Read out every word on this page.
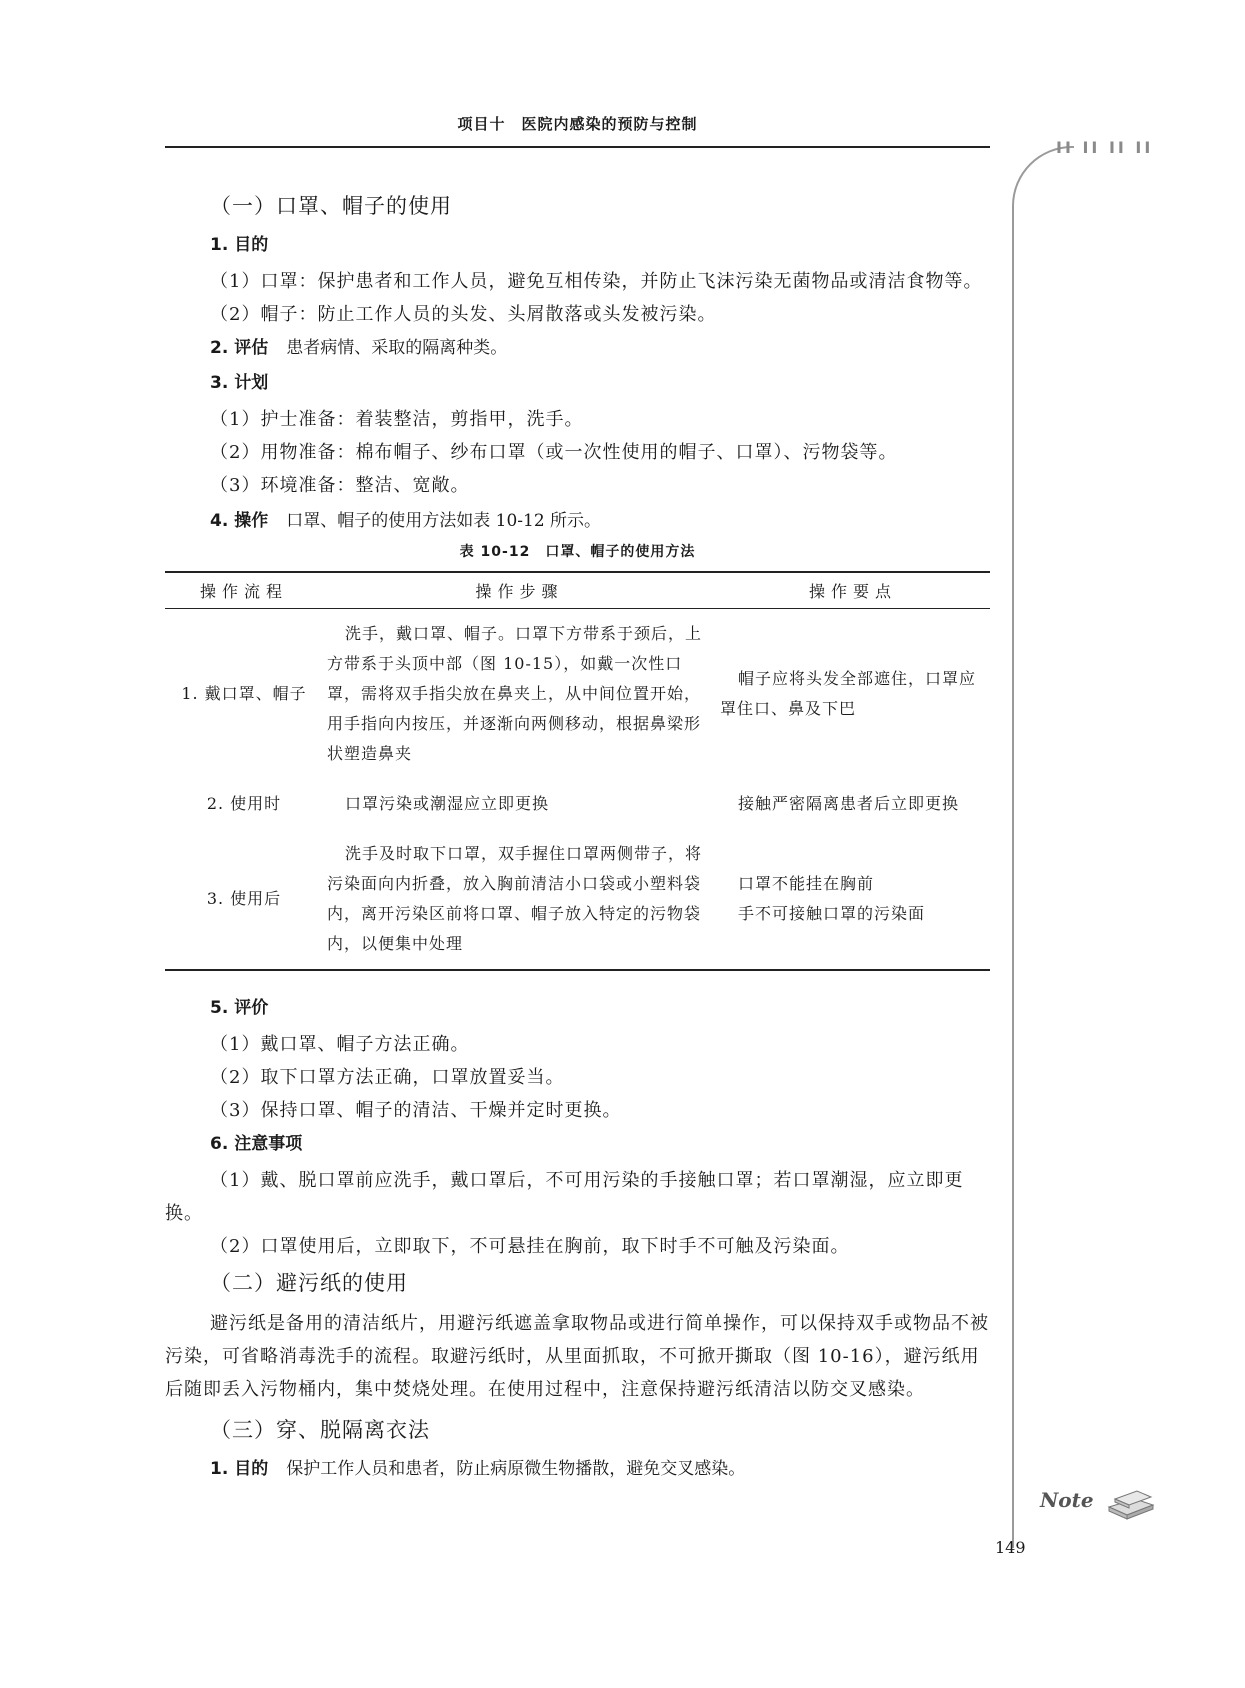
项目十　医院内感染的预防与控制
II II II II
（一）口罩、帽子的使用
1. 目的

（1）口罩：保护患者和工作人员，避免互相传染，并防止飞沫污染无菌物品或清洁食物等。

（2）帽子：防止工作人员的头发、头屑散落或头发被污染。

2. 评估 患者病情、采取的隔离种类。
3. 计划

（1）护士准备：着装整洁，剪指甲，洗手。

（2）用物准备：棉布帽子、纱布口罩（或一次性使用的帽子、口罩）、污物袋等。

（3）环境准备：整洁、宽敞。

4. 操作 口罩、帽子的使用方法如表 10-12 所示。
表 10-12　口罩、帽子的使用方法
操作流程	操作步骤	操作要点
1. 戴口罩、帽子	洗手，戴口罩、帽子。口罩下方带系于颈后，上方带系于头顶中部（图 10-15），如戴一次性口罩，需将双手指尖放在鼻夹上，从中间位置开始，用手指向内按压，并逐渐向两侧移动，根据鼻梁形状塑造鼻夹	帽子应将头发全部遮住，口罩应罩住口、鼻及下巴

2. 使用时	口罩污染或潮湿应立即更换	接触严密隔离患者后立即更换

3. 使用后	洗手及时取下口罩，双手握住口罩两侧带子，将污染面向内折叠，放入胸前清洁小口袋或小塑料袋内，离开污染区前将口罩、帽子放入特定的污物袋内，以便集中处理	口罩不能挂在胸前
手不可接触口罩的污染面
5. 评价

（1）戴口罩、帽子方法正确。

（2）取下口罩方法正确，口罩放置妥当。

（3）保持口罩、帽子的清洁、干燥并定时更换。

6. 注意事项

（1）戴、脱口罩前应洗手，戴口罩后，不可用污染的手接触口罩；若口罩潮湿，应立即更换。

（2）口罩使用后，立即取下，不可悬挂在胸前，取下时手不可触及污染面。

（二）避污纸的使用

避污纸是备用的清洁纸片，用避污纸遮盖拿取物品或进行简单操作，可以保持双手或物品不被污染，可省略消毒洗手的流程。取避污纸时，从里面抓取，不可掀开撕取（图 10-16），避污纸用后随即丢入污物桶内，集中焚烧处理。在使用过程中，注意保持避污纸清洁以防交叉感染。

（三）穿、脱隔离衣法
1. 目的 保护工作人员和患者，防止病原微生物播散，避免交叉感染。
Note
149
